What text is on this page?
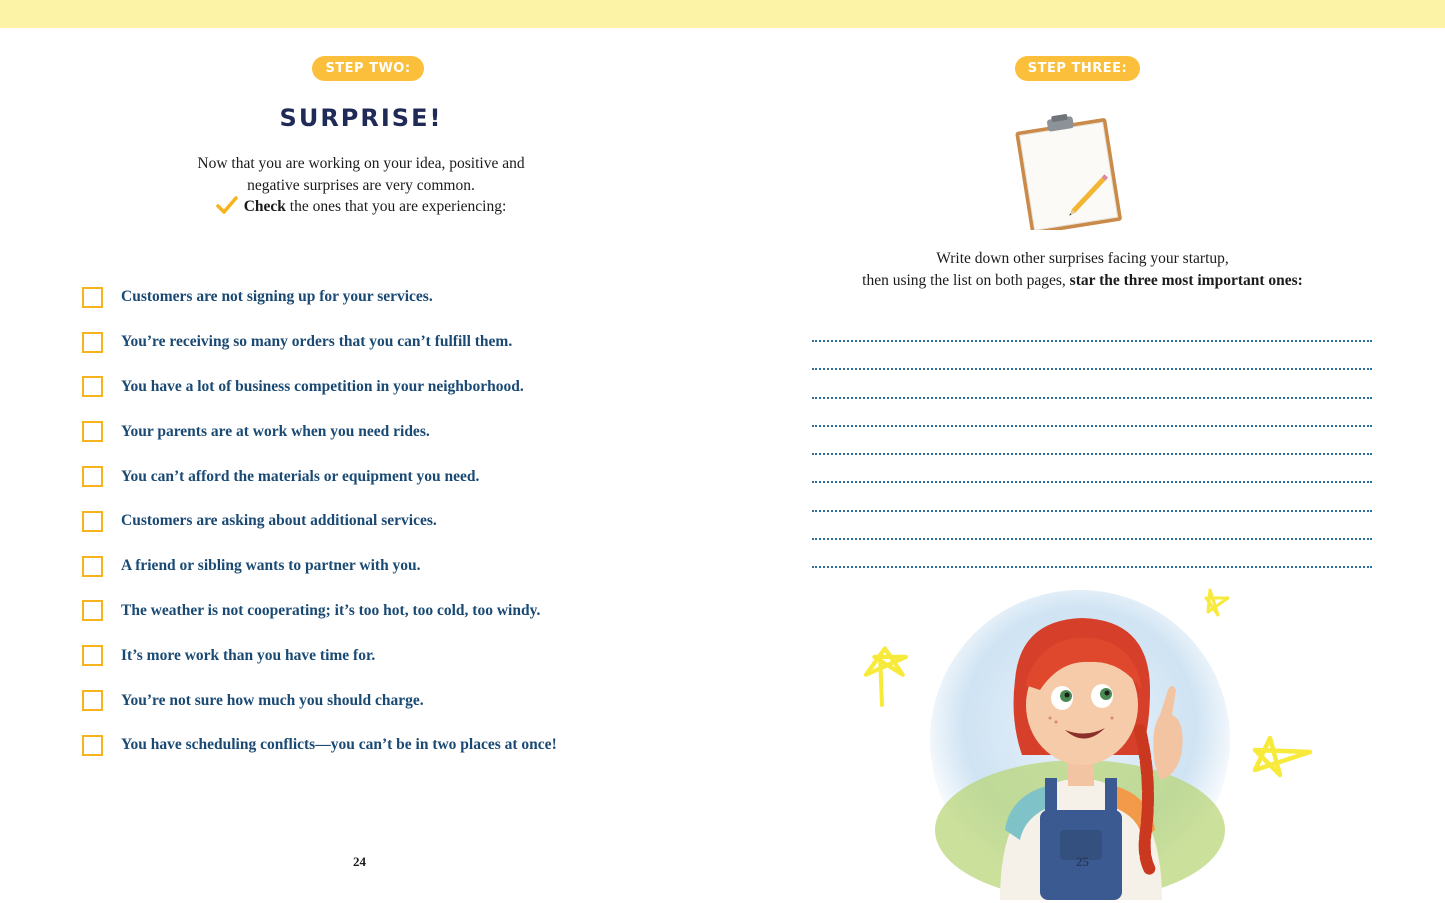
STEP TWO:
SURPRISE!
Now that you are working on your idea, positive and
negative surprises are very common.
Check the ones that you are experiencing:
Customers are not signing up for your services.
You’re receiving so many orders that you can’t fulfill them.
You have a lot of business competition in your neighborhood.
Your parents are at work when you need rides.
You can’t afford the materials or equipment you need.
Customers are asking about additional services.
A friend or sibling wants to partner with you.
The weather is not cooperating; it’s too hot, too cold, too windy.
It’s more work than you have time for.
You’re not sure how much you should charge.
You have scheduling conflicts—you can’t be in two places at once!
24
STEP THREE:
Write down other surprises facing your startup,
then using the list on both pages, star the three most important ones:
25
